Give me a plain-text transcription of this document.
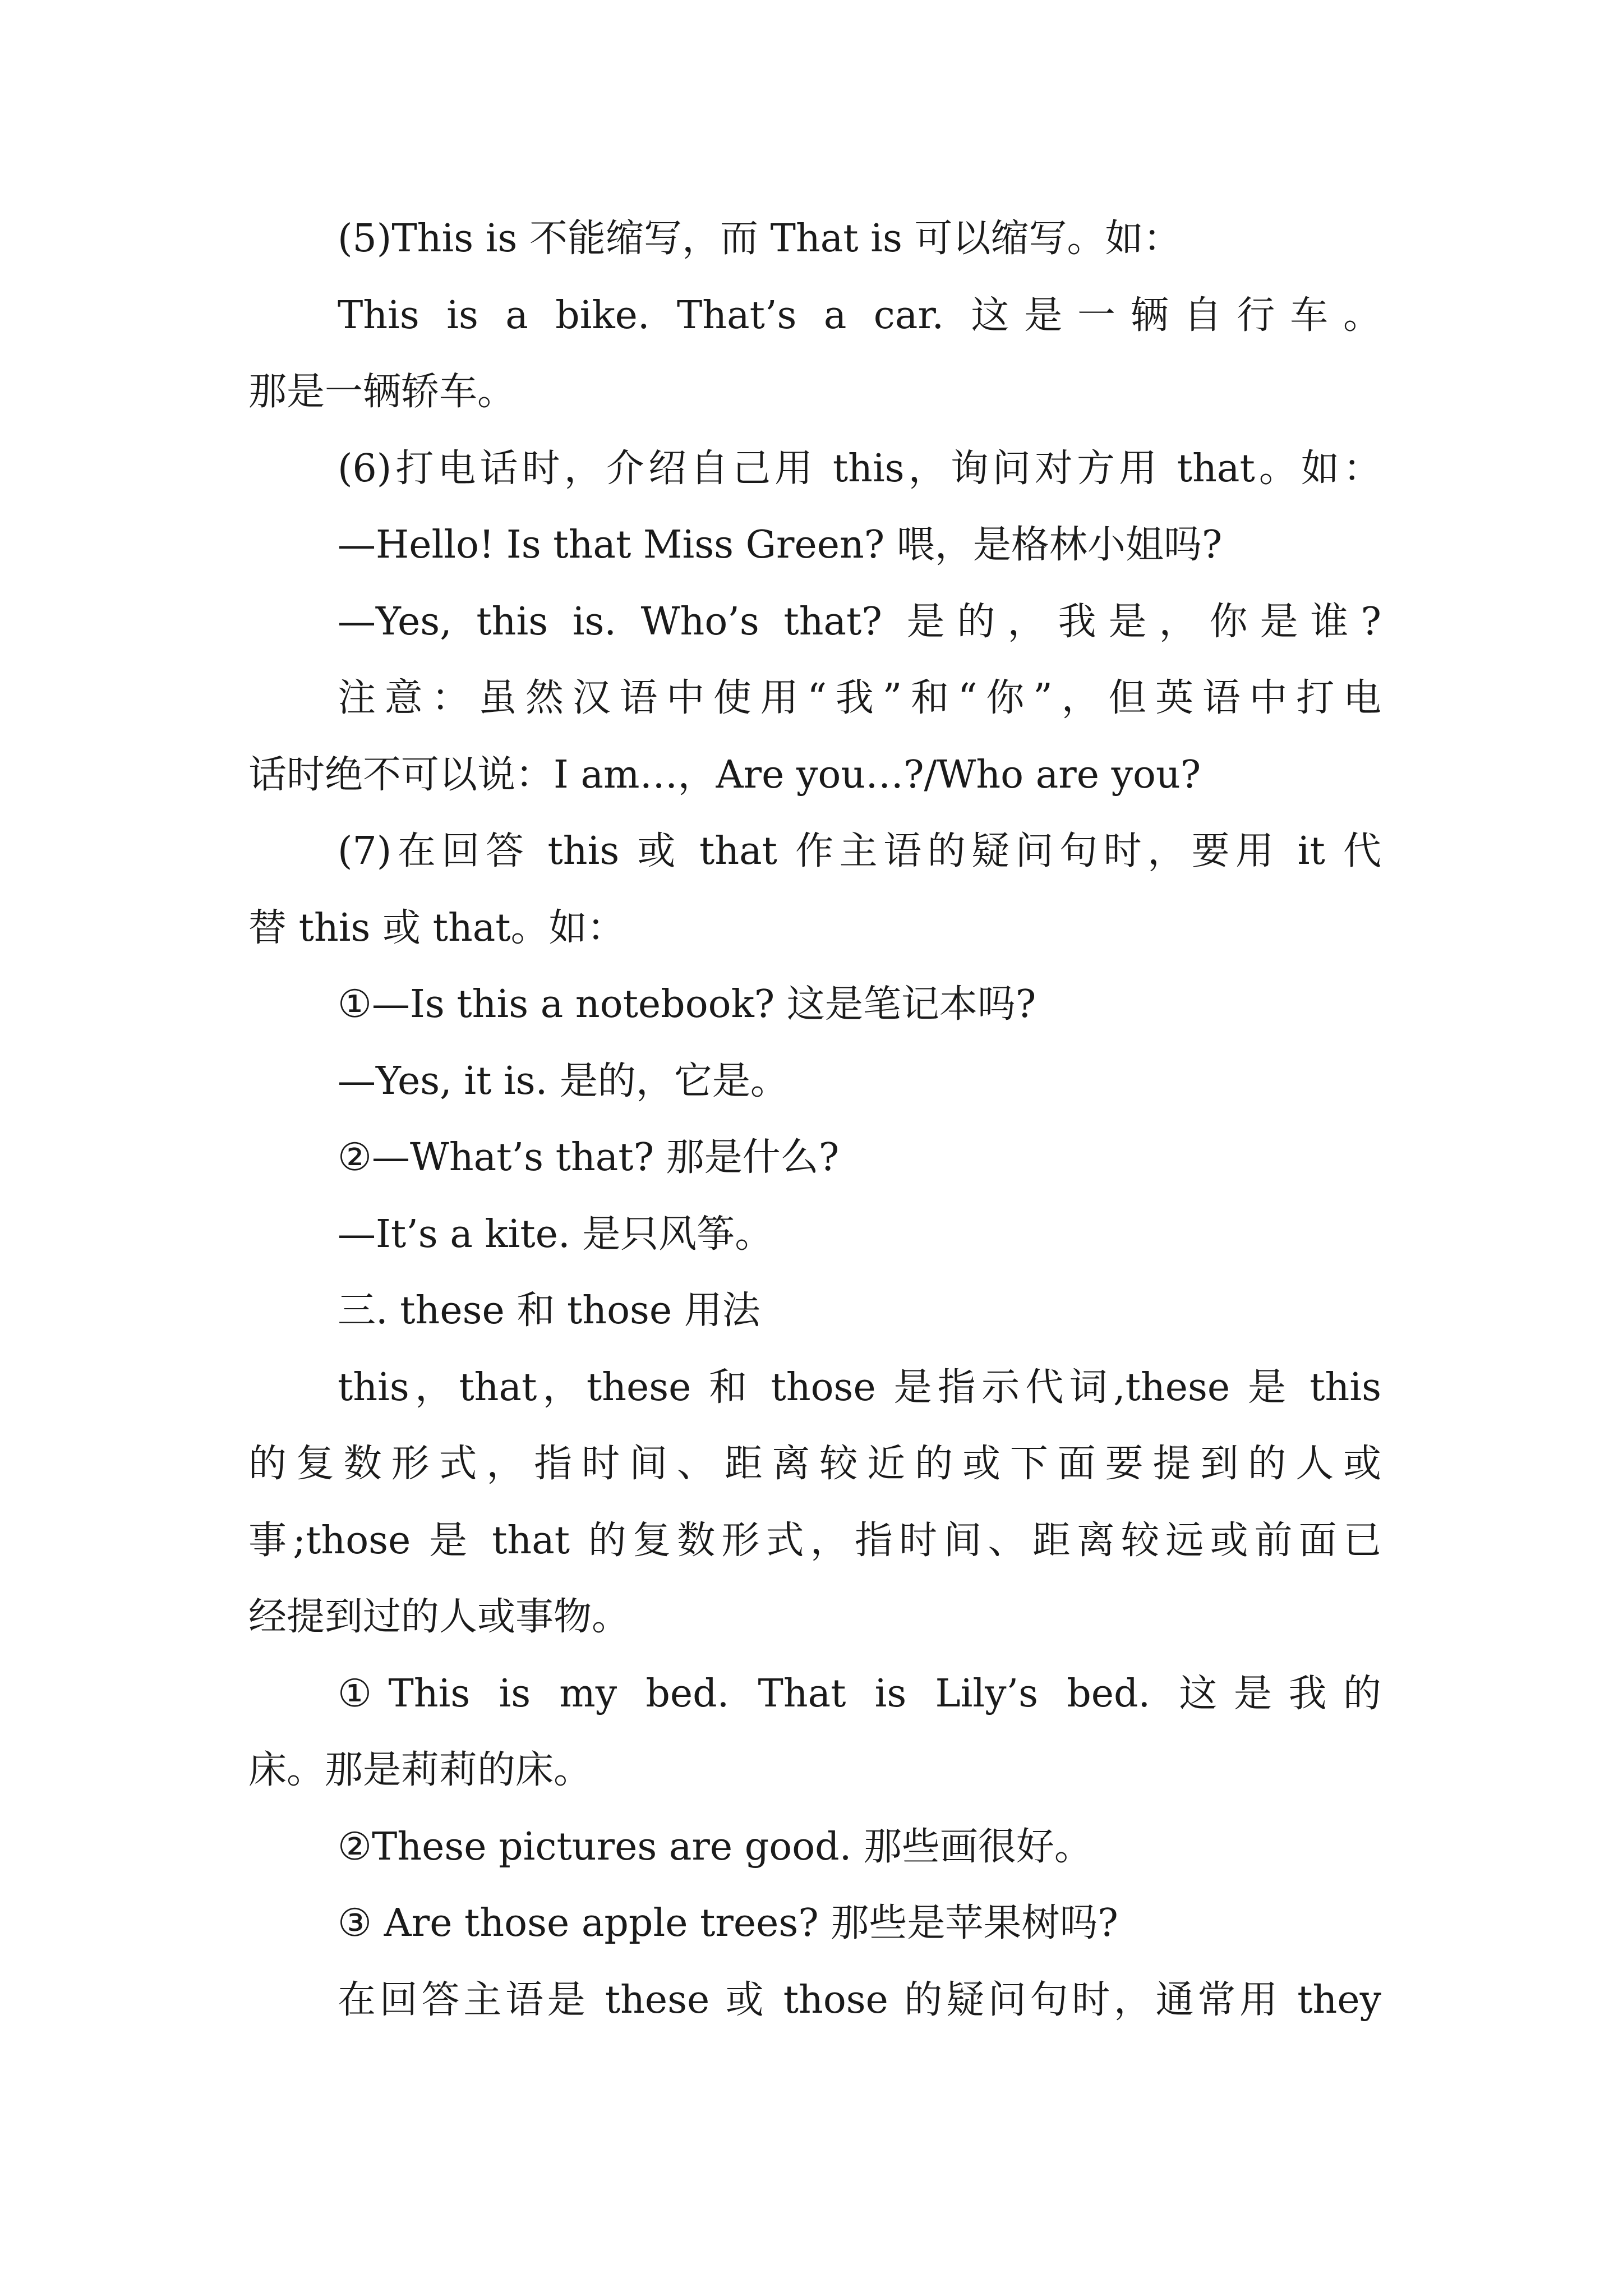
(5)This is 不能缩写，而 That is 可以缩写。如：
This is a bike. That’s a car. 这是一辆自行车。
那是一辆轿车。
(6)打电话时，介绍自己用 this，询问对方用 that。如：
—Hello! Is that Miss Green? 喂，是格林小姐吗?
—Yes, this is. Who’s that? 是的，我是，你是谁?
注意：虽然汉语中使用“我”和“你”，但英语中打电
话时绝不可以说：I am…，Are you…?/Who are you?
(7)在回答 this 或 that 作主语的疑问句时，要用 it 代
替 this 或 that。如：
①—Is this a notebook? 这是笔记本吗?
—Yes, it is. 是的，它是。
②—What’s that? 那是什么?
—It’s a kite. 是只风筝。
三. these 和 those 用法
this，that，these 和 those 是指示代词,these 是 this
的复数形式，指时间、距离较近的或下面要提到的人或
事;those 是 that 的复数形式，指时间、距离较远或前面已
经提到过的人或事物。
①This is my bed. That is Lily’s bed. 这是我的
床。那是莉莉的床。
②These pictures are good. 那些画很好。
③ Are those apple trees? 那些是苹果树吗?
在回答主语是 these 或 those 的疑问句时，通常用 they
